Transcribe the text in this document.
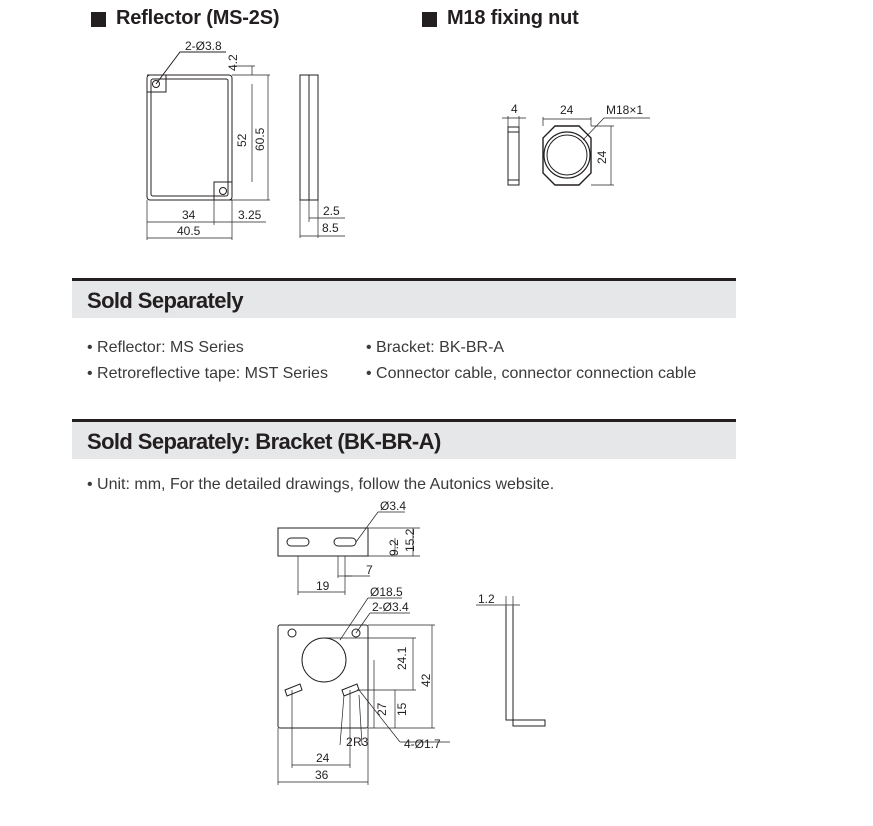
Reflector (MS-2S)	M18 fixing nut
2-Ø3.8
4.2
52 60.5
34	3.25
40.5
2.5
8.5
4	24	M18×1
24
Sold Separately
• Reflector: MS Series
• Retroreflective tape: MST Series
• Bracket: BK-BR-A
• Connector cable, connector connection cable
Sold Separately: Bracket (BK-BR-A)
• Unit: mm, For the detailed drawings, follow the Autonics website.
Ø3.4
9.2 15.2
19
7
Ø18.5
2-Ø3.4
24.1
42
27 15
24
2 R3	4-Ø1.7
36
1.2
